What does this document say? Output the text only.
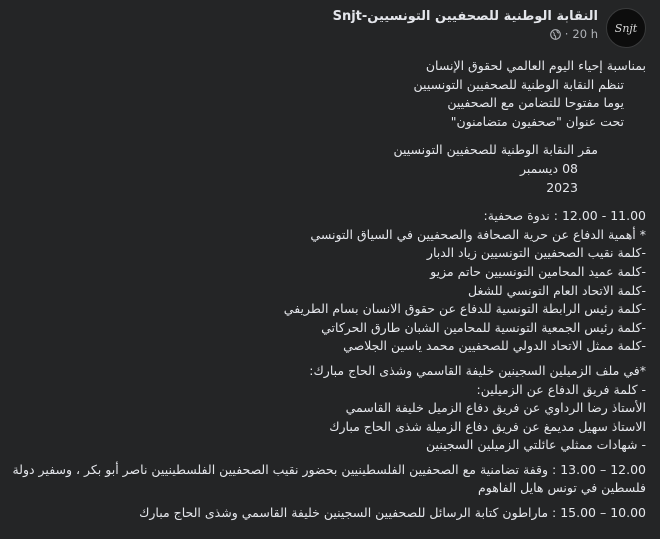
Snjt
النقابة الوطنية للصحفيين التونسيين-Snjt
· 20 h
بمناسبة إحياء اليوم العالمي لحقوق الإنسان
تنظم النقابة الوطنية للصحفيين التونسيين
يوما مفتوحا للتضامن مع الصحفيين
تحت عنوان "صحفيون متضامنون"
مقر النقابة الوطنية للصحفيين التونسيين
08 ديسمبر
2023
11.00 - 12.00 : ندوة صحفية:
* أهمية الدفاع عن حرية الصحافة والصحفيين في السياق التونسي
-كلمة نقيب الصحفيين التونسيين زياد الدبار
-كلمة عميد المحامين التونسيين حاتم مزيو
-كلمة الاتحاد العام التونسي للشغل
-كلمة رئيس الرابطة التونسية للدفاع عن حقوق الانسان بسام الطريفي
-كلمة رئيس الجمعية التونسية للمحامين الشبان طارق الحركاتي
-كلمة ممثل الاتحاد الدولي للصحفيين محمد ياسين الجلاصي
*في ملف الزميلين السجينين خليفة القاسمي وشذى الحاج مبارك:
- كلمة فريق الدفاع عن الزميلين:
الأستاذ رضا الرداوي عن فريق دفاع الزميل خليفة القاسمي
الاستاذ سهيل مديمغ عن فريق دفاع الزميلة شذى الحاج مبارك
- شهادات ممثلي عائلتي الزميلين السجينين
12.00 – 13.00 : وقفة تضامنية مع الصحفيين الفلسطينيين بحضور نقيب الصحفيين الفلسطينيين ناصر أبو بكر ، وسفير دولة فلسطين في تونس هايل الفاهوم
10.00 – 15.00 : ماراطون كتابة الرسائل للصحفيين السجينين خليفة القاسمي وشذى الحاج مبارك
